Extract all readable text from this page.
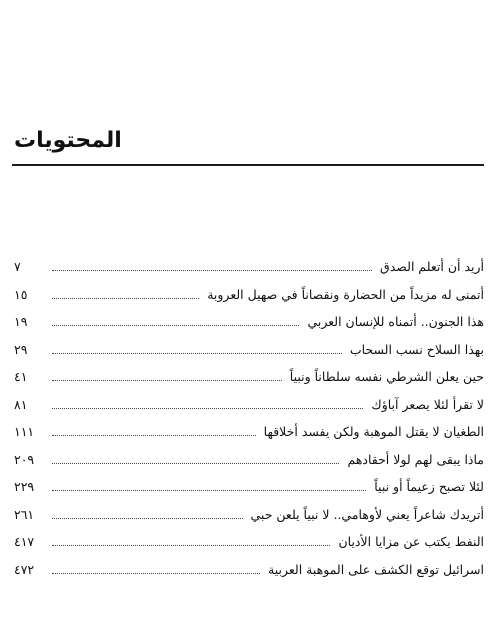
المحتويات
أريد أن أتعلم الصدق
٧
أتمنى له مزيداً من الحضارة ونقصاناً في صهيل العروبة
١٥
هذا الجنون.. أتمناه للإنسان العربي
١٩
بهذا السلاح نسب السحاب
٢٩
حين يعلن الشرطي نفسه سلطاناً ونبياً
٤١
لا تقرأ لئلا يصعر آباؤك
٨١
الطغيان لا يقتل الموهبة ولكن يفسد أخلاقها
١١١
ماذا يبقى لهم لولا أحقادهم
٢٠٩
لئلا تصبح زعيماً أو نبياً
٢٢٩
أتريدك شاعراً يعني لأوهامي.. لا نبياً يلعن حبي
٢٦١
النفط يكتب عن مزايا الأديان
٤١٧
اسرائيل توقع الكشف على الموهبة العربية
٤٧٢
